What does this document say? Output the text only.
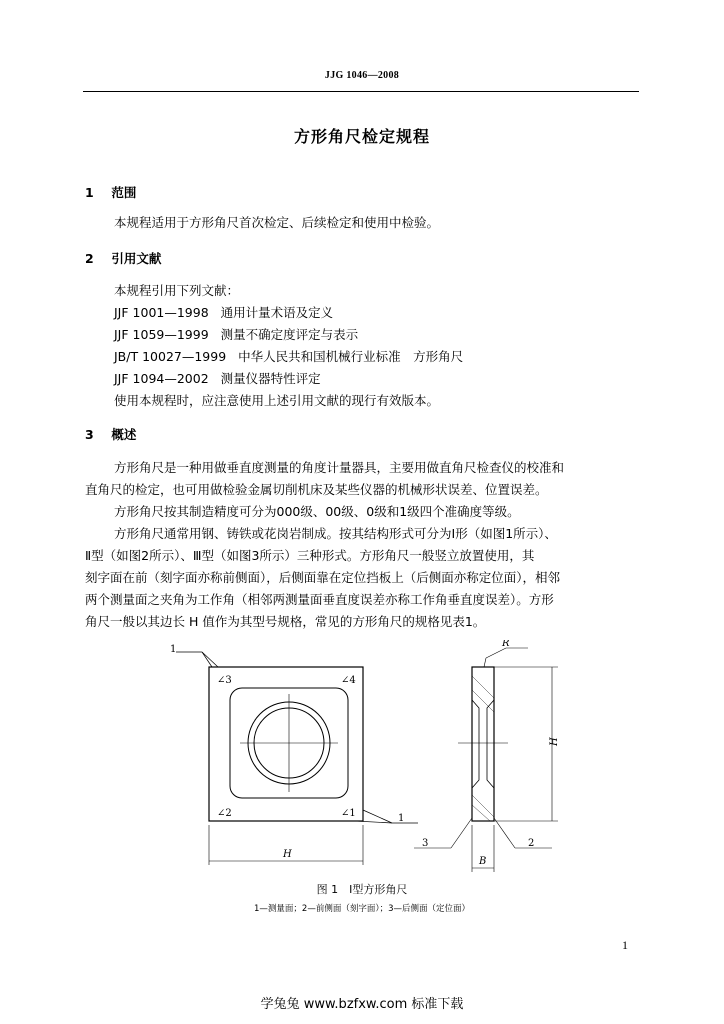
JJG 1046—2008
方形角尺检定规程
1 范围
本规程适用于方形角尺首次检定、后续检定和使用中检验。
2 引用文献
本规程引用下列文献：
JJF 1001—1998 通用计量术语及定义
JJF 1059—1999 测量不确定度评定与表示
JB/T 10027—1999 中华人民共和国机械行业标准　方形角尺
JJF 1094—2002 测量仪器特性评定
使用本规程时，应注意使用上述引用文献的现行有效版本。
3 概述
方形角尺是一种用做垂直度测量的角度计量器具，主要用做直角尺检查仪的校准和
直角尺的检定，也可用做检验金属切削机床及某些仪器的机械形状误差、位置误差。
方形角尺按其制造精度可分为000级、00级、0级和1级四个准确度等级。
方形角尺通常用钢、铸铁或花岗岩制成。按其结构形式可分为Ⅰ形（如图1所示）、
Ⅱ型（如图2所示）、Ⅲ型（如图3所示）三种形式。方形角尺一般竖立放置使用，其
刻字面在前（刻字面亦称前侧面），后侧面靠在定位挡板上（后侧面亦称定位面），相邻
两个测量面之夹角为工作角（相邻两测量面垂直度误差亦称工作角垂直度误差）。方形
角尺一般以其边长 H 值作为其型号规格，常见的方形角尺的规格见表1。
1
∠3	∠4
∠2	∠1	1
H
R
H
3	2
B
图 1　Ⅰ型方形角尺
1—测量面；2—前侧面（刻字面）；3—后侧面（定位面）
1
学兔兔 www.bzfxw.com 标准下载
